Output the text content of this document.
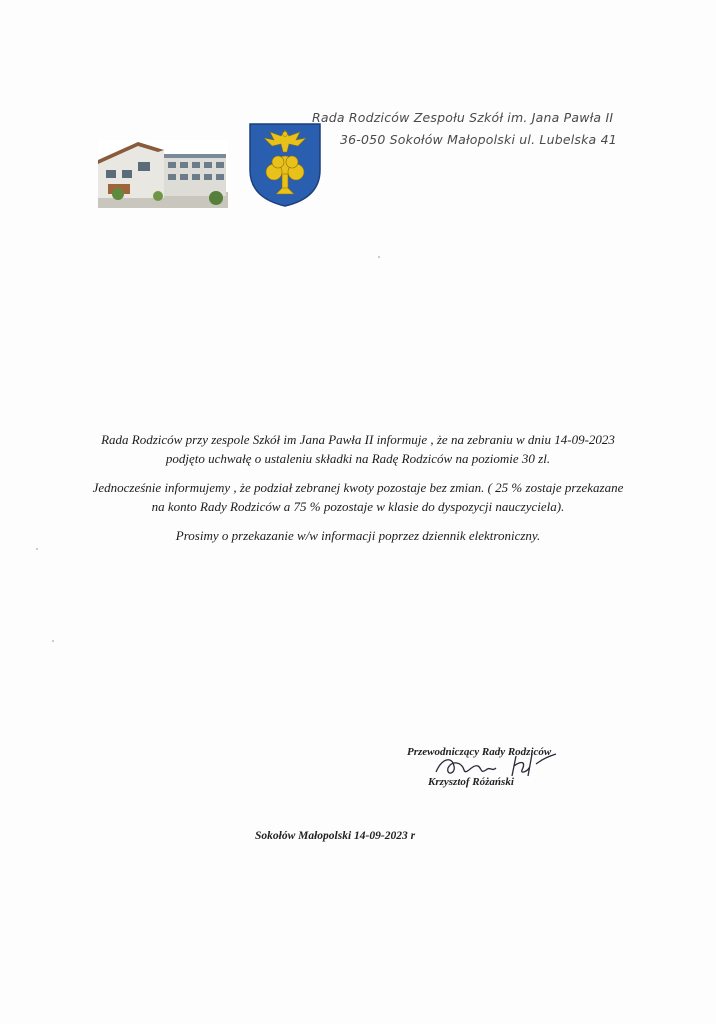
Rada Rodziców Zespołu Szkół im. Jana Pawła II
36-050 Sokołów Małopolski ul. Lubelska 41
Rada Rodziców przy zespole Szkół im Jana Pawła II informuje , że na zebraniu w dniu 14-09-2023
podjęto uchwałę o ustaleniu składki na Radę Rodziców na poziomie 30 zl.
Jednocześnie informujemy , że podział zebranej kwoty pozostaje bez zmian. ( 25 % zostaje przekazane
na konto Rady Rodziców a 75 % pozostaje w klasie do dyspozycji nauczyciela).
Prosimy o przekazanie w/w informacji poprzez dziennik elektroniczny.
Przewodniczący Rady Rodziców
Krzysztof Różański
Sokołów Małopolski 14-09-2023 r
